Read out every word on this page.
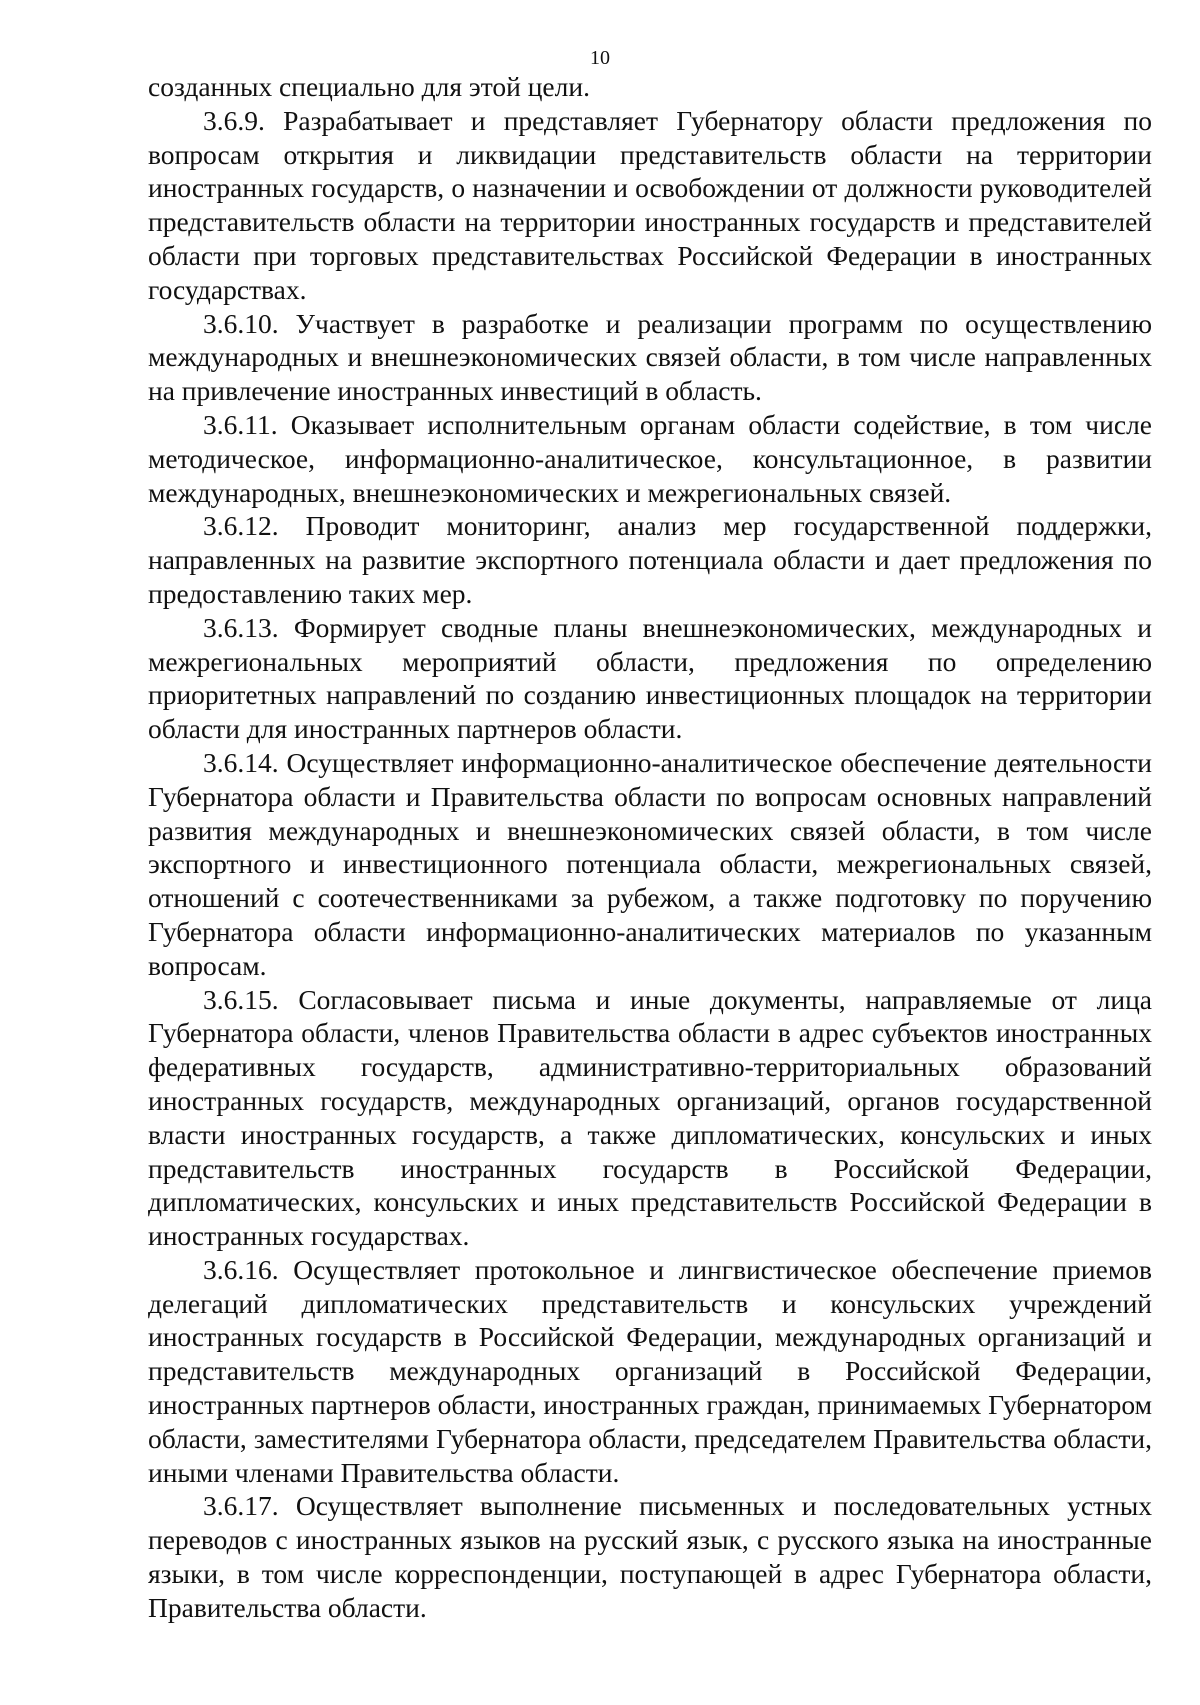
10

созданных специально для этой цели.

3.6.9. Разрабатывает и представляет Губернатору области предложения по вопросам открытия и ликвидации представительств области на территории иностранных государств, о назначении и освобождении от должности руководителей представительств области на территории иностранных государств и представителей области при торговых представительствах Российской Федерации в иностранных государствах.

3.6.10. Участвует в разработке и реализации программ по осуществлению международных и внешнеэкономических связей области, в том числе направленных на привлечение иностранных инвестиций в область.

3.6.11. Оказывает исполнительным органам области содействие, в том числе методическое, информационно-аналитическое, консультационное, в развитии международных, внешнеэкономических и межрегиональных связей.

3.6.12. Проводит мониторинг, анализ мер государственной поддержки, направленных на развитие экспортного потенциала области и дает предложения по предоставлению таких мер.

3.6.13. Формирует сводные планы внешнеэкономических, международных и межрегиональных мероприятий области, предложения по определению приоритетных направлений по созданию инвестиционных площадок на территории области для иностранных партнеров области.

3.6.14. Осуществляет информационно-аналитическое обеспечение деятельности Губернатора области и Правительства области по вопросам основных направлений развития международных и внешнеэкономических связей области, в том числе экспортного и инвестиционного потенциала области, межрегиональных связей, отношений с соотечественниками за рубежом, а также подготовку по поручению Губернатора области информационно-аналитических материалов по указанным вопросам.

3.6.15. Согласовывает письма и иные документы, направляемые от лица Губернатора области, членов Правительства области в адрес субъектов иностранных федеративных государств, административно-территориальных образований иностранных государств, международных организаций, органов государственной власти иностранных государств, а также дипломатических, консульских и иных представительств иностранных государств в Российской Федерации, дипломатических, консульских и иных представительств Российской Федерации в иностранных государствах.

3.6.16. Осуществляет протокольное и лингвистическое обеспечение приемов делегаций дипломатических представительств и консульских учреждений иностранных государств в Российской Федерации, международных организаций и представительств международных организаций в Российской Федерации, иностранных партнеров области, иностранных граждан, принимаемых Губернатором области, заместителями Губернатора области, председателем Правительства области, иными членами Правительства области.

3.6.17. Осуществляет выполнение письменных и последовательных устных переводов с иностранных языков на русский язык, с русского языка на иностранные языки, в том числе корреспонденции, поступающей в адрес Губернатора области, Правительства области.
